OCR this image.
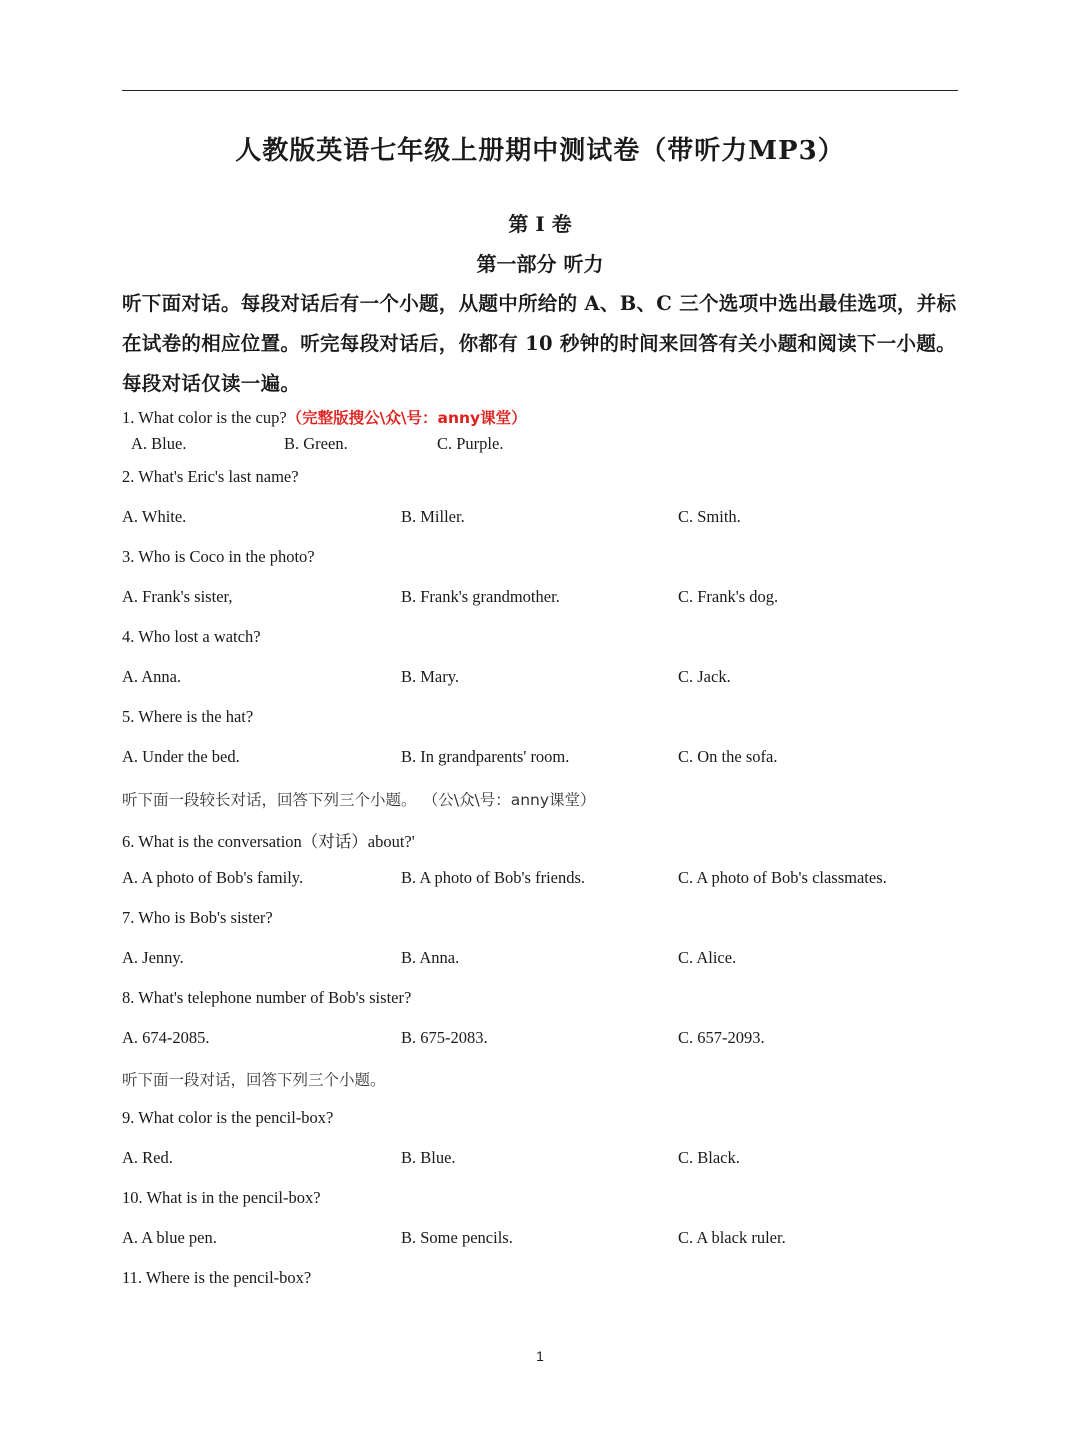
人教版英语七年级上册期中测试卷（带听力MP3）
第 I 卷
第一部分 听力
听下面对话。每段对话后有一个小题，从题中所给的 A、B、C 三个选项中选出最佳选项，并标在试卷的相应位置。听完每段对话后，你都有 10 秒钟的时间来回答有关小题和阅读下一小题。每段对话仅读一遍。
1. What color is the cup?（完整版搜公\众\号：anny课堂）
A. Blue.	B. Green.	C. Purple.
2. What's Eric's last name?
A. White.	B. Miller.	C. Smith.
3. Who is Coco in the photo?
A. Frank's sister,	B. Frank's grandmother.	C. Frank's dog.
4. Who lost a watch?
A. Anna.	B. Mary.	C. Jack.
5. Where is the hat?
A. Under the bed.	B. In grandparents' room.	C. On the sofa.
听下面一段较长对话，回答下列三个小题。 （公\众\号：anny课堂）
6. What is the conversation（对话）about?'
A. A photo of Bob's family.	B. A photo of Bob's friends.	C. A photo of Bob's classmates.
7. Who is Bob's sister?
A. Jenny.	B. Anna.	C. Alice.
8. What's telephone number of Bob's sister?
A. 674-2085.	B. 675-2083.	C. 657-2093.
听下面一段对话，回答下列三个小题。
9. What color is the pencil-box?
A. Red.	B. Blue.	C. Black.
10. What is in the pencil-box?
A. A blue pen.	B. Some pencils.	C. A black ruler.
11. Where is the pencil-box?
1
